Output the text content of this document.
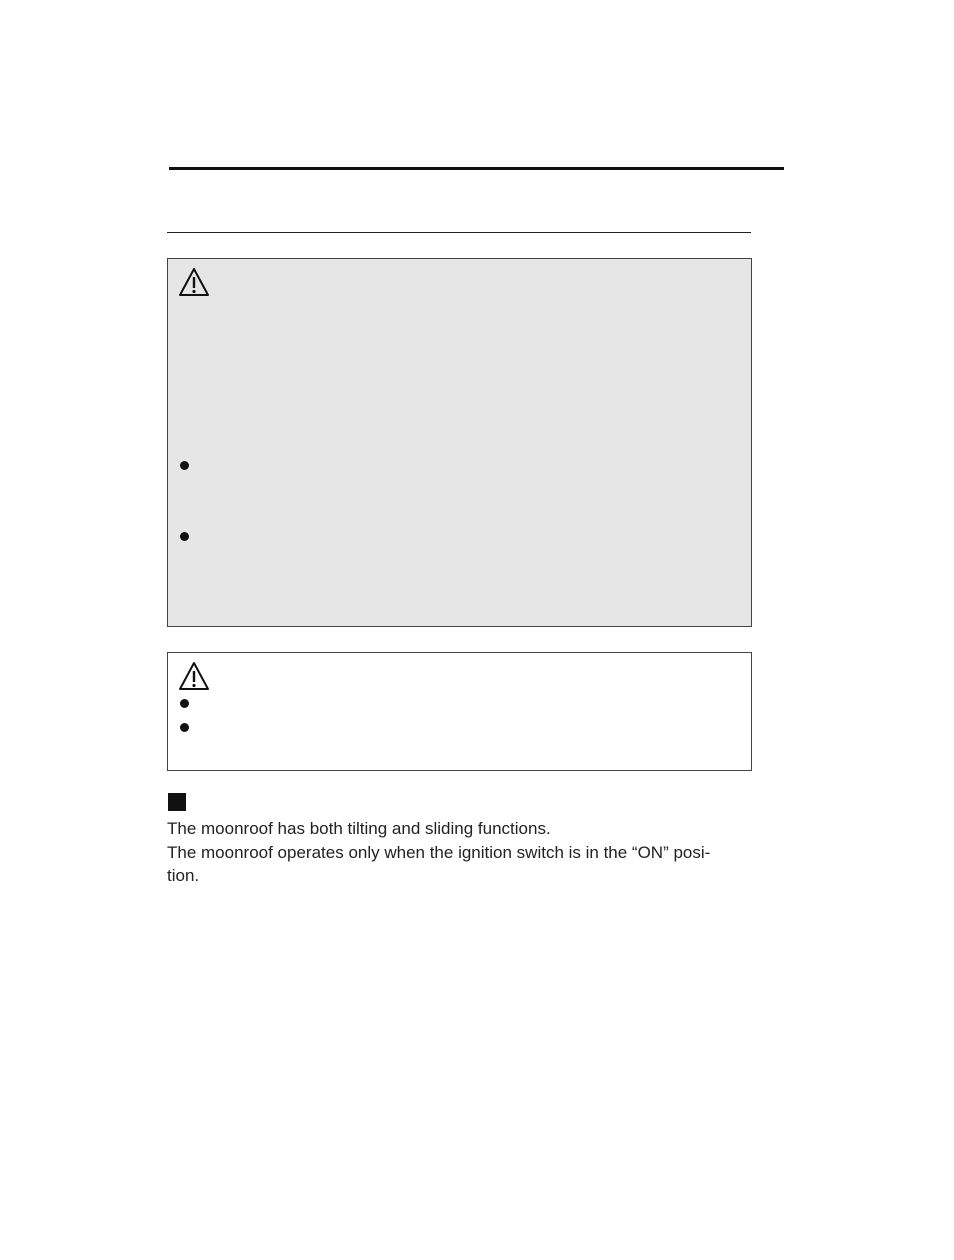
The moonroof has both tilting and sliding functions.

The moonroof operates only when the ignition switch is in the “ON” posi-

tion.
